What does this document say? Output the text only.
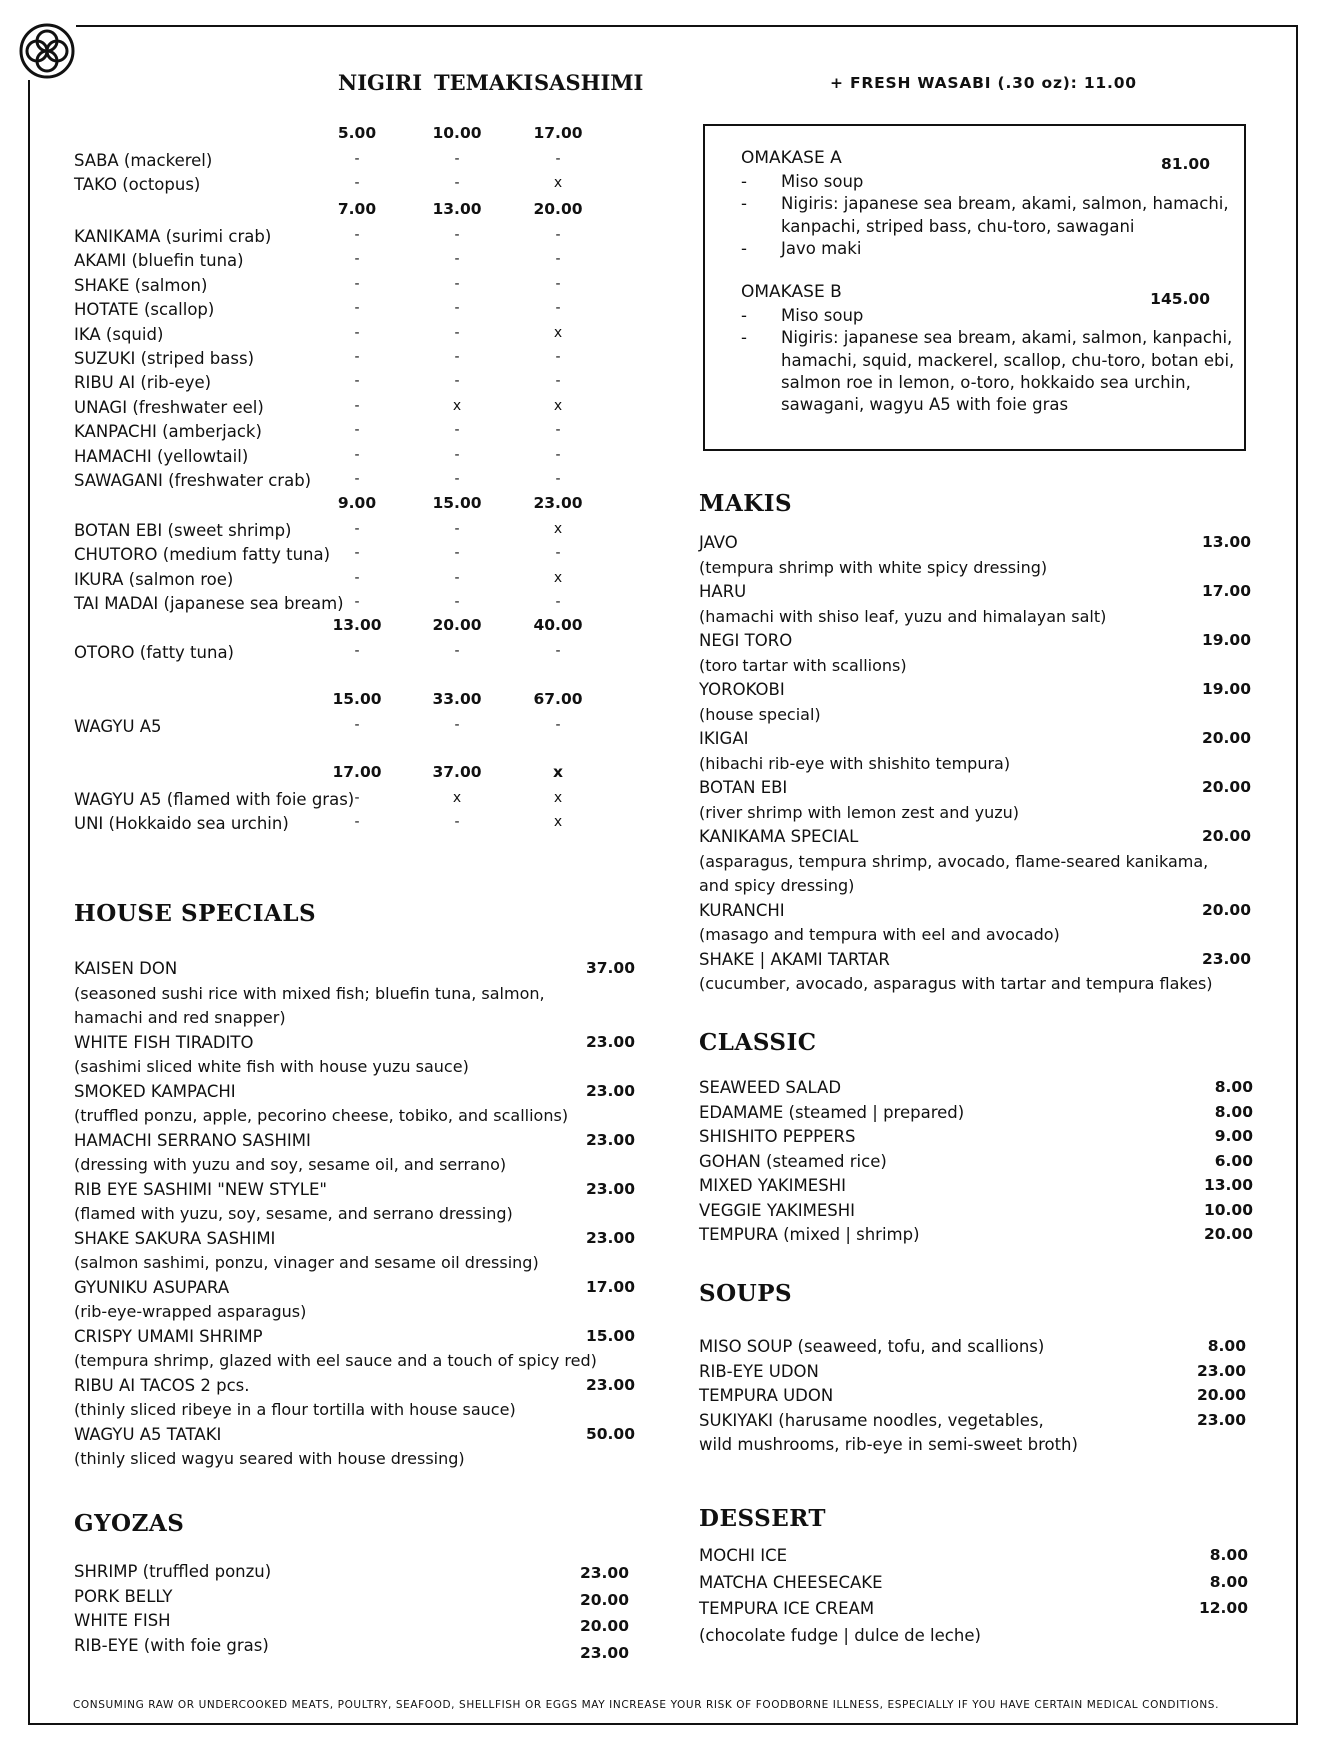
NIGIRI TEMAKI SASHIMI	+ FRESH WASABI (.30 oz): 11.00
5.00	10.00	17.00
SABA (mackerel)	-	-	-
TAKO (octopus)	-	-	x
7.00	13.00	20.00
KANIKAMA (surimi crab)	-	-	-
AKAMI (bluefin tuna)	-	-	-
SHAKE (salmon)	-	-	-
HOTATE (scallop)	-	-	-
IKA (squid)	-	-	x
SUZUKI (striped bass)	-	-	-
RIBU AI (rib-eye)	-	-	-
UNAGI (freshwater eel)	-	x	x
KANPACHI (amberjack)	-	-	-
HAMACHI (yellowtail)	-	-	-
SAWAGANI (freshwater crab)	-	-	-
9.00	15.00	23.00
BOTAN EBI (sweet shrimp)	-	-	x
CHUTORO (medium fatty tuna)	-	-	-
IKURA (salmon roe)	-	-	x
TAI MADAI (japanese sea bream) -	-	-
13.00	20.00	40.00
OTORO (fatty tuna)	-	-	-
15.00	33.00	67.00
WAGYU A5	-	-	-
17.00	37.00	x
WAGYU A5 (flamed with foie gras) -	x	x
UNI (Hokkaido sea urchin)	-	-	x
OMAKASE A	81.00
- Miso soup
- Nigiris: japanese sea bream, akami, salmon, hamachi,
kanpachi, striped bass, chu-toro, sawagani
- Javo maki
OMAKASE B	145.00
- Miso soup
- Nigiris: japanese sea bream, akami, salmon, kanpachi,
hamachi, squid, mackerel, scallop, chu-toro, botan ebi,
salmon roe in lemon, o-toro, hokkaido sea urchin,
sawagani, wagyu A5 with foie gras
MAKIS
JAVO	13.00
(tempura shrimp with white spicy dressing)
HARU	17.00
(hamachi with shiso leaf, yuzu and himalayan salt)
NEGI TORO	19.00
(toro tartar with scallions)
YOROKOBI	19.00
(house special)
IKIGAI	20.00
(hibachi rib-eye with shishito tempura)
BOTAN EBI	20.00
(river shrimp with lemon zest and yuzu)
KANIKAMA SPECIAL	20.00
(asparagus, tempura shrimp, avocado, flame-seared kanikama,
and spicy dressing)
KURANCHI	20.00
(masago and tempura with eel and avocado)
SHAKE | AKAMI TARTAR	23.00
(cucumber, avocado, asparagus with tartar and tempura flakes)
CLASSIC
SEAWEED SALAD	8.00
EDAMAME (steamed | prepared)	8.00
SHISHITO PEPPERS	9.00
GOHAN (steamed rice)	6.00
MIXED YAKIMESHI	13.00
VEGGIE YAKIMESHI	10.00
TEMPURA (mixed | shrimp)	20.00
SOUPS
MISO SOUP (seaweed, tofu, and scallions)	8.00
RIB-EYE UDON	23.00
TEMPURA UDON	20.00
SUKIYAKI (harusame noodles, vegetables,	23.00
wild mushrooms, rib-eye in semi-sweet broth)
DESSERT
MOCHI ICE	8.00
MATCHA CHEESECAKE	8.00
TEMPURA ICE CREAM	12.00
(chocolate fudge | dulce de leche)
HOUSE SPECIALS
KAISEN DON	37.00
(seasoned sushi rice with mixed fish; bluefin tuna, salmon,
hamachi and red snapper)
WHITE FISH TIRADITO	23.00
(sashimi sliced white fish with house yuzu sauce)
SMOKED KAMPACHI	23.00
(truffled ponzu, apple, pecorino cheese, tobiko, and scallions)
HAMACHI SERRANO SASHIMI	23.00
(dressing with yuzu and soy, sesame oil, and serrano)
RIB EYE SASHIMI "NEW STYLE"	23.00
(flamed with yuzu, soy, sesame, and serrano dressing)
SHAKE SAKURA SASHIMI	23.00
(salmon sashimi, ponzu, vinager and sesame oil dressing)
GYUNIKU ASUPARA	17.00
(rib-eye-wrapped asparagus)
CRISPY UMAMI SHRIMP	15.00
(tempura shrimp, glazed with eel sauce and a touch of spicy red)
RIBU AI TACOS 2 pcs.	23.00
(thinly sliced ribeye in a flour tortilla with house sauce)
WAGYU A5 TATAKI	50.00
(thinly sliced wagyu seared with house dressing)
GYOZAS
SHRIMP (truffled ponzu)	23.00
PORK BELLY	20.00
WHITE FISH	20.00
RIB-EYE (with foie gras)	23.00
CONSUMING RAW OR UNDERCOOKED MEATS, POULTRY, SEAFOOD, SHELLFISH OR EGGS MAY INCREASE YOUR RISK OF FOODBORNE ILLNESS, ESPECIALLY IF YOU HAVE CERTAIN MEDICAL CONDITIONS.
